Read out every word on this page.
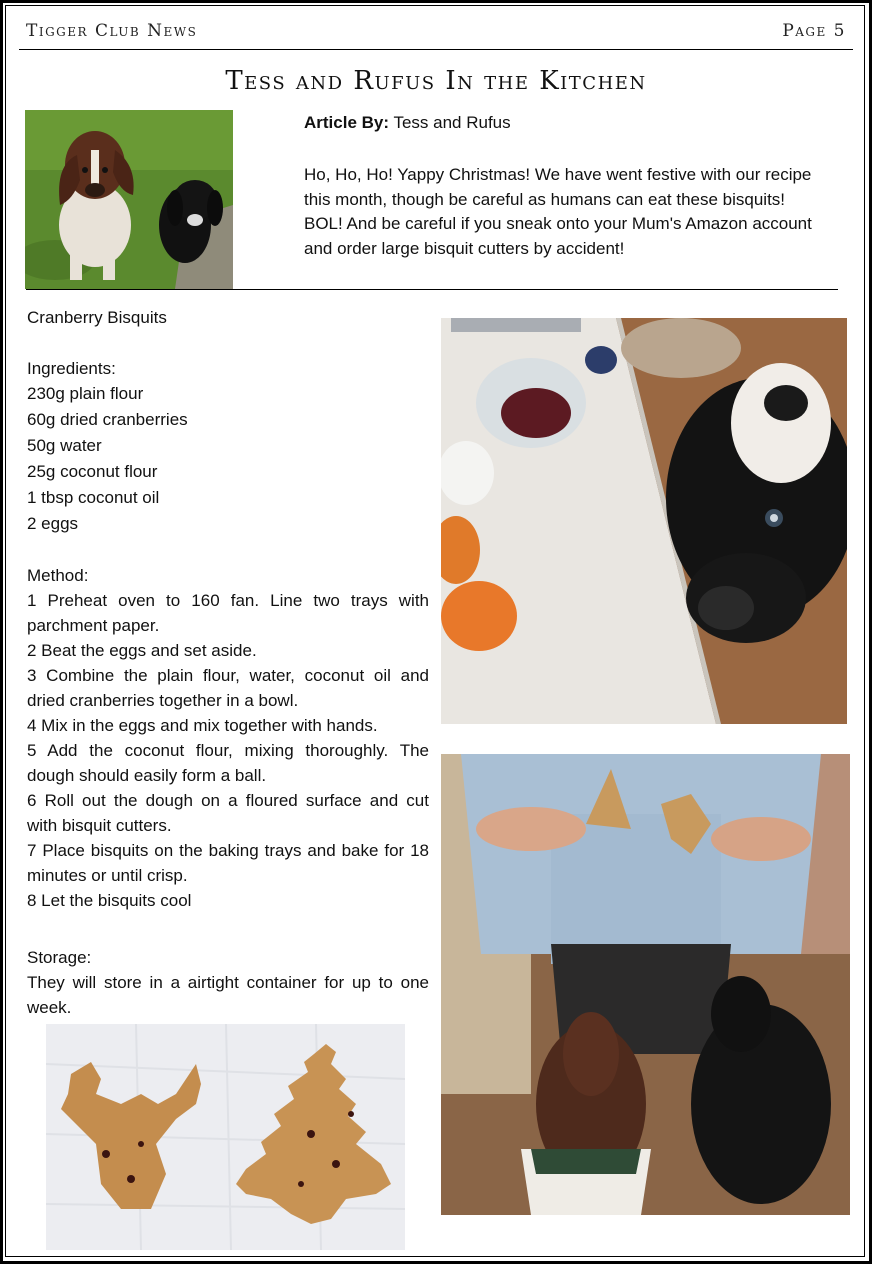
Tigger Club News	Page 5
Tess and Rufus In the Kitchen
Article By: Tess and Rufus
Ho, Ho, Ho! Yappy Christmas! We have went festive with our recipe this month, though be careful as humans can eat these bisquits! BOL! And be careful if you sneak onto your Mum's Amazon account and order large bisquit cutters by accident!
Cranberry Bisquits
Ingredients:
230g plain flour
60g dried cranberries
50g water
25g coconut flour
1 tbsp coconut oil
2 eggs
Method:
1 Preheat oven to 160 fan. Line two trays with parchment paper.
2 Beat the eggs and set aside.
3 Combine the plain flour, water, coconut oil and dried cranberries together in a bowl.
4 Mix in the eggs and mix together with hands.
5 Add the coconut flour, mixing thoroughly. The dough should easily form a ball.
6 Roll out the dough on a floured surface and cut with bisquit cutters.
7 Place bisquits on the baking trays and bake for 18 minutes or until crisp.
8 Let the bisquits cool
Storage:
They will store in a airtight container for up to one week.
